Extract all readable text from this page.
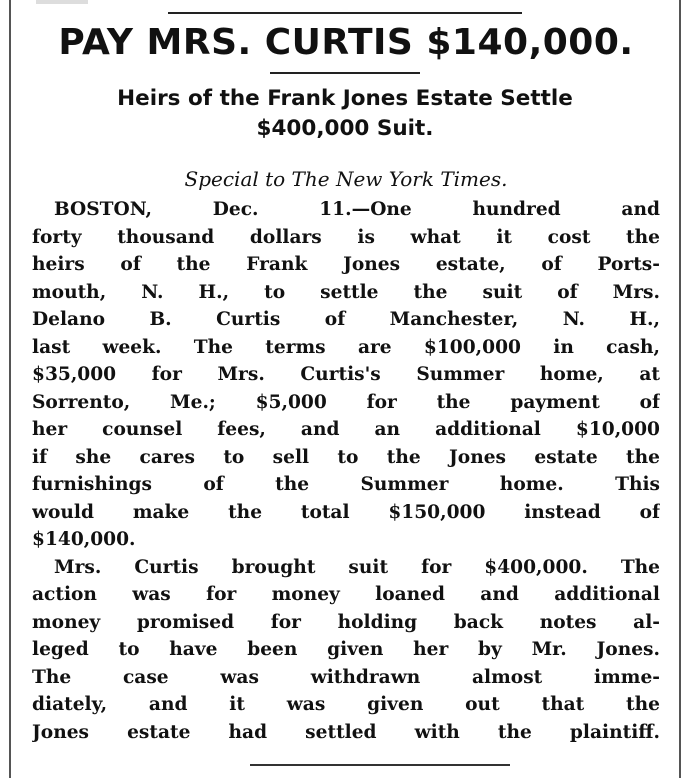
PAY MRS. CURTIS $140,000.
Heirs of the Frank Jones Estate Settle
$400,000 Suit.
Special to The New York Times.
BOSTON, Dec. 11.—One hundred and
forty thousand dollars is what it cost the
heirs of the Frank Jones estate, of Ports-
mouth, N. H., to settle the suit of Mrs.
Delano B. Curtis of Manchester, N. H.,
last week. The terms are $100,000 in cash,
$35,000 for Mrs. Curtis's Summer home, at
Sorrento, Me.; $5,000 for the payment of
her counsel fees, and an additional $10,000
if she cares to sell to the Jones estate the
furnishings of the Summer home. This
would make the total $150,000 instead of
$140,000.
Mrs. Curtis brought suit for $400,000. The
action was for money loaned and additional
money promised for holding back notes al-
leged to have been given her by Mr. Jones.
The case was withdrawn almost imme-
diately, and it was given out that the
Jones estate had settled with the plaintiff.
